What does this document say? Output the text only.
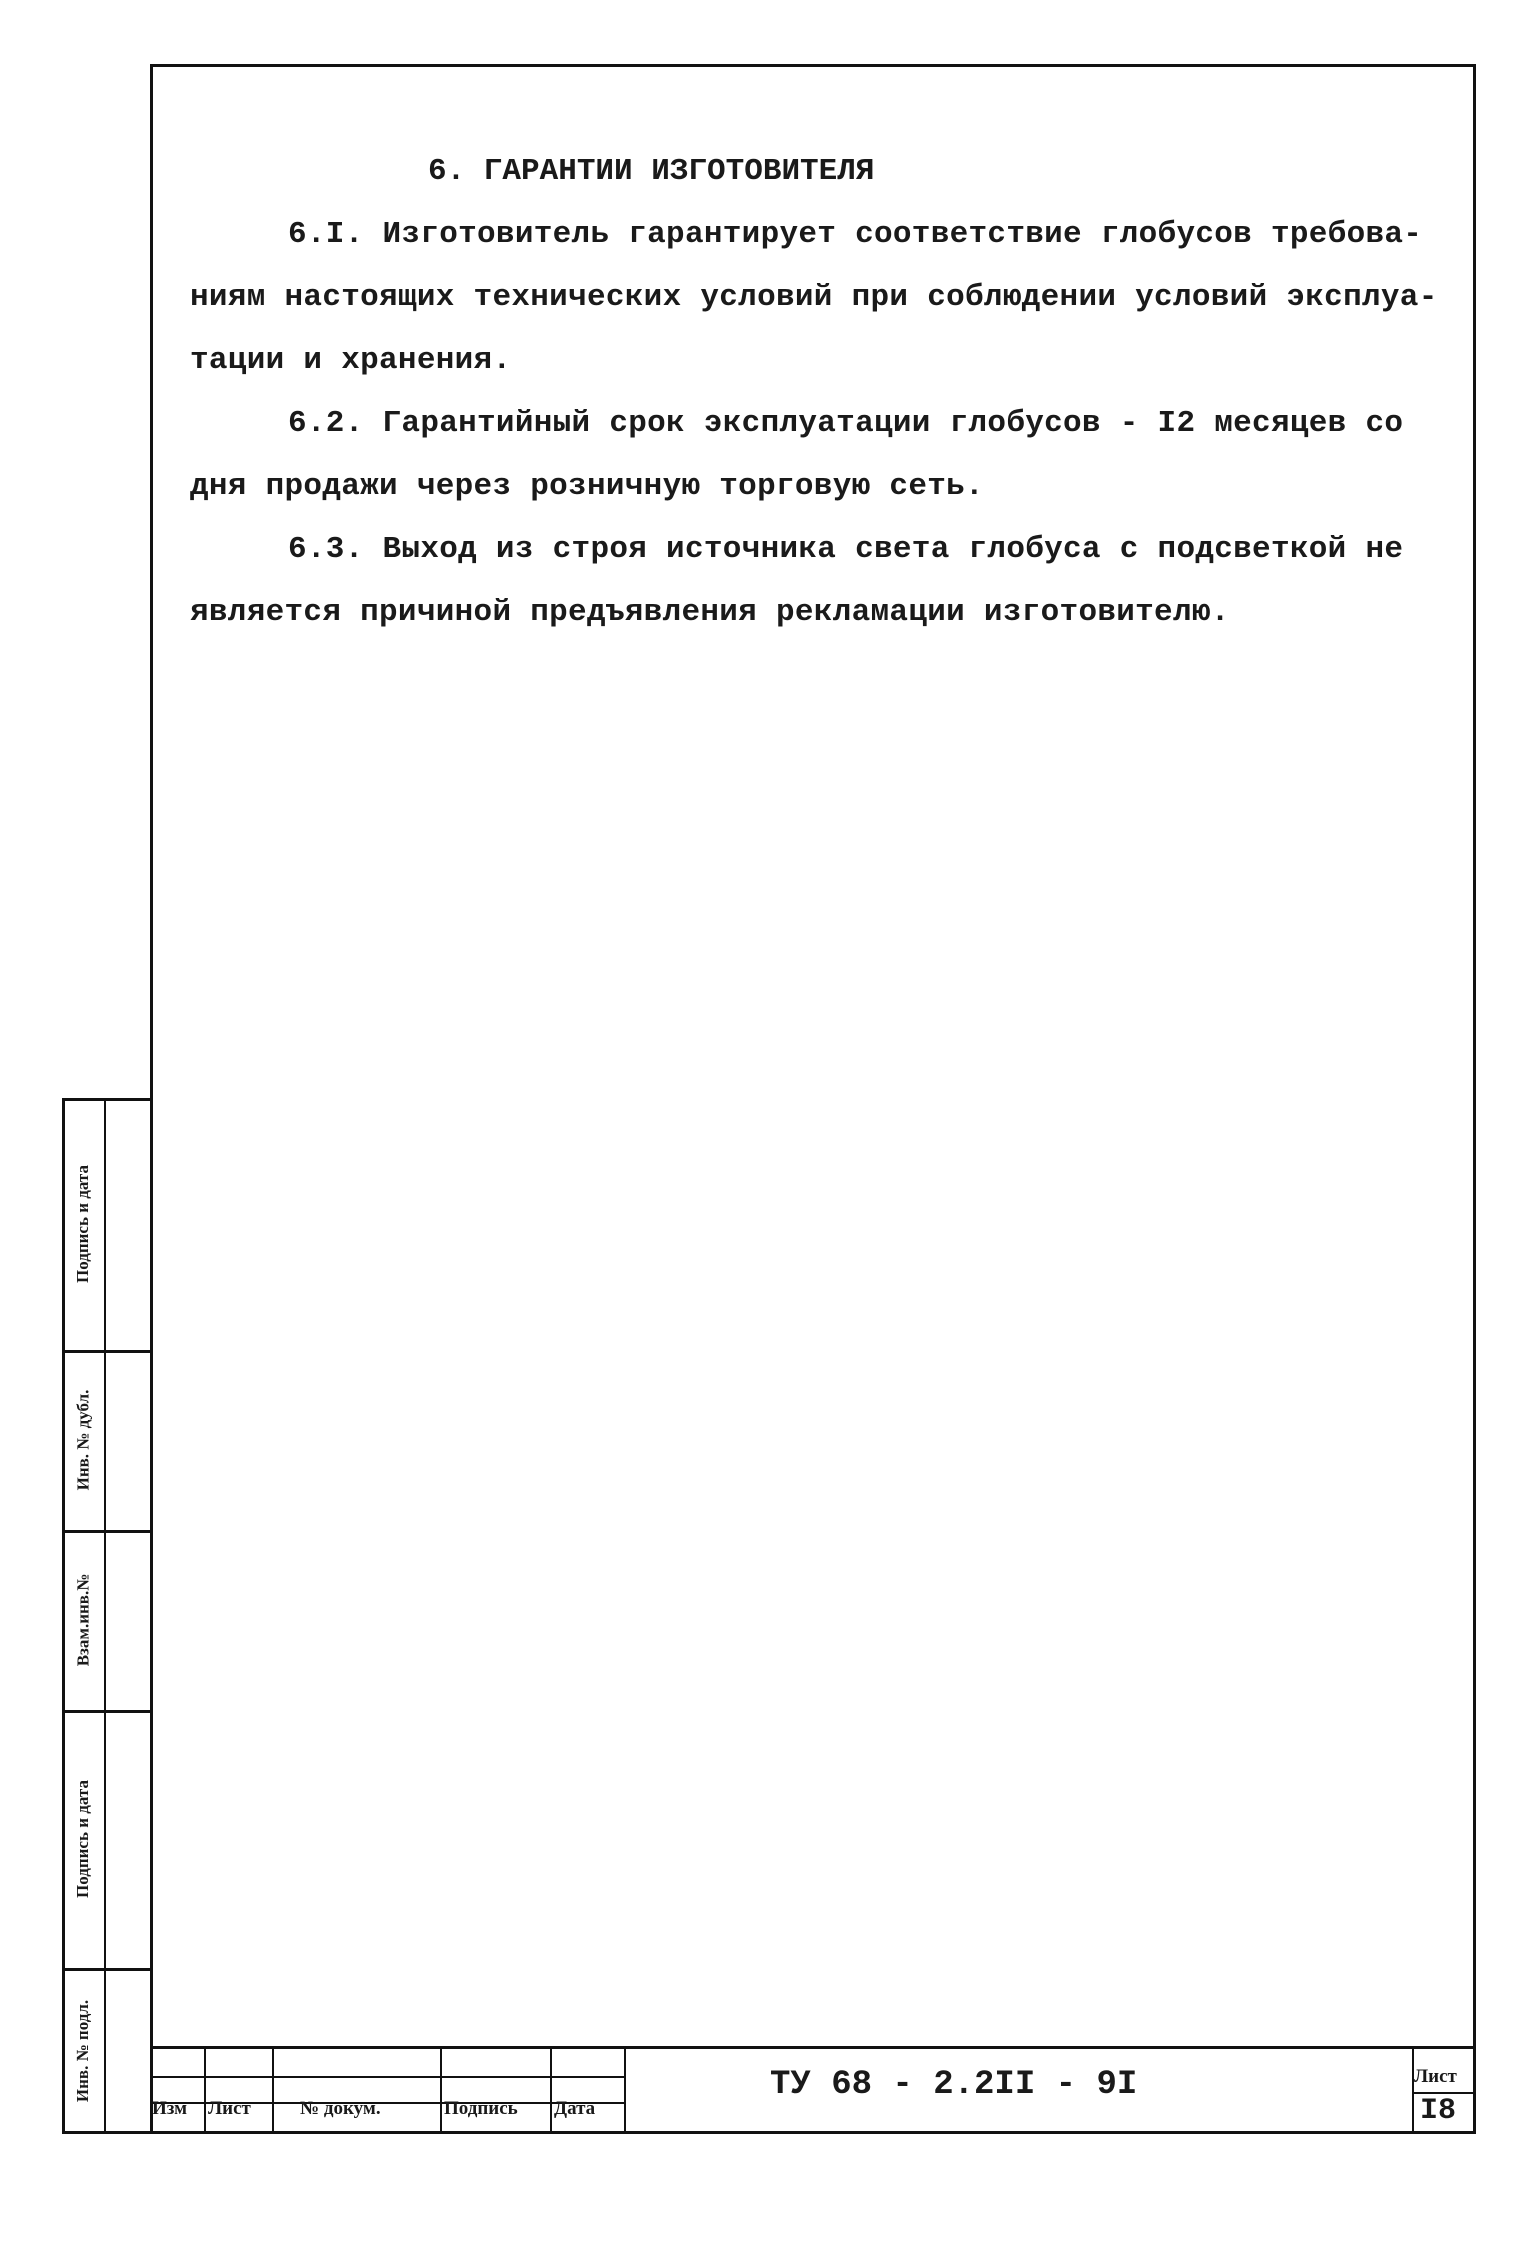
6. ГАРАНТИИ ИЗГОТОВИТЕЛЯ

6.I. Изготовитель гарантирует соответствие глобусов требова-

ниям настоящих технических условий при соблюдении условий эксплуа-

тации и хранения.

6.2. Гарантийный срок эксплуатации глобусов - I2 месяцев со

дня продажи через розничную торговую сеть.

6.3. Выход из строя источника света глобуса с подсветкой не

является причиной предъявления рекламации изготовителю.

Подпись и дата
Инв. № дубл.
Взам.инв.№
Подпись и дата
Инв. № подл.
Изм Лист	№ докум.	Подпись Дата
ТУ 68 - 2.2II - 9I	Лист
I8
